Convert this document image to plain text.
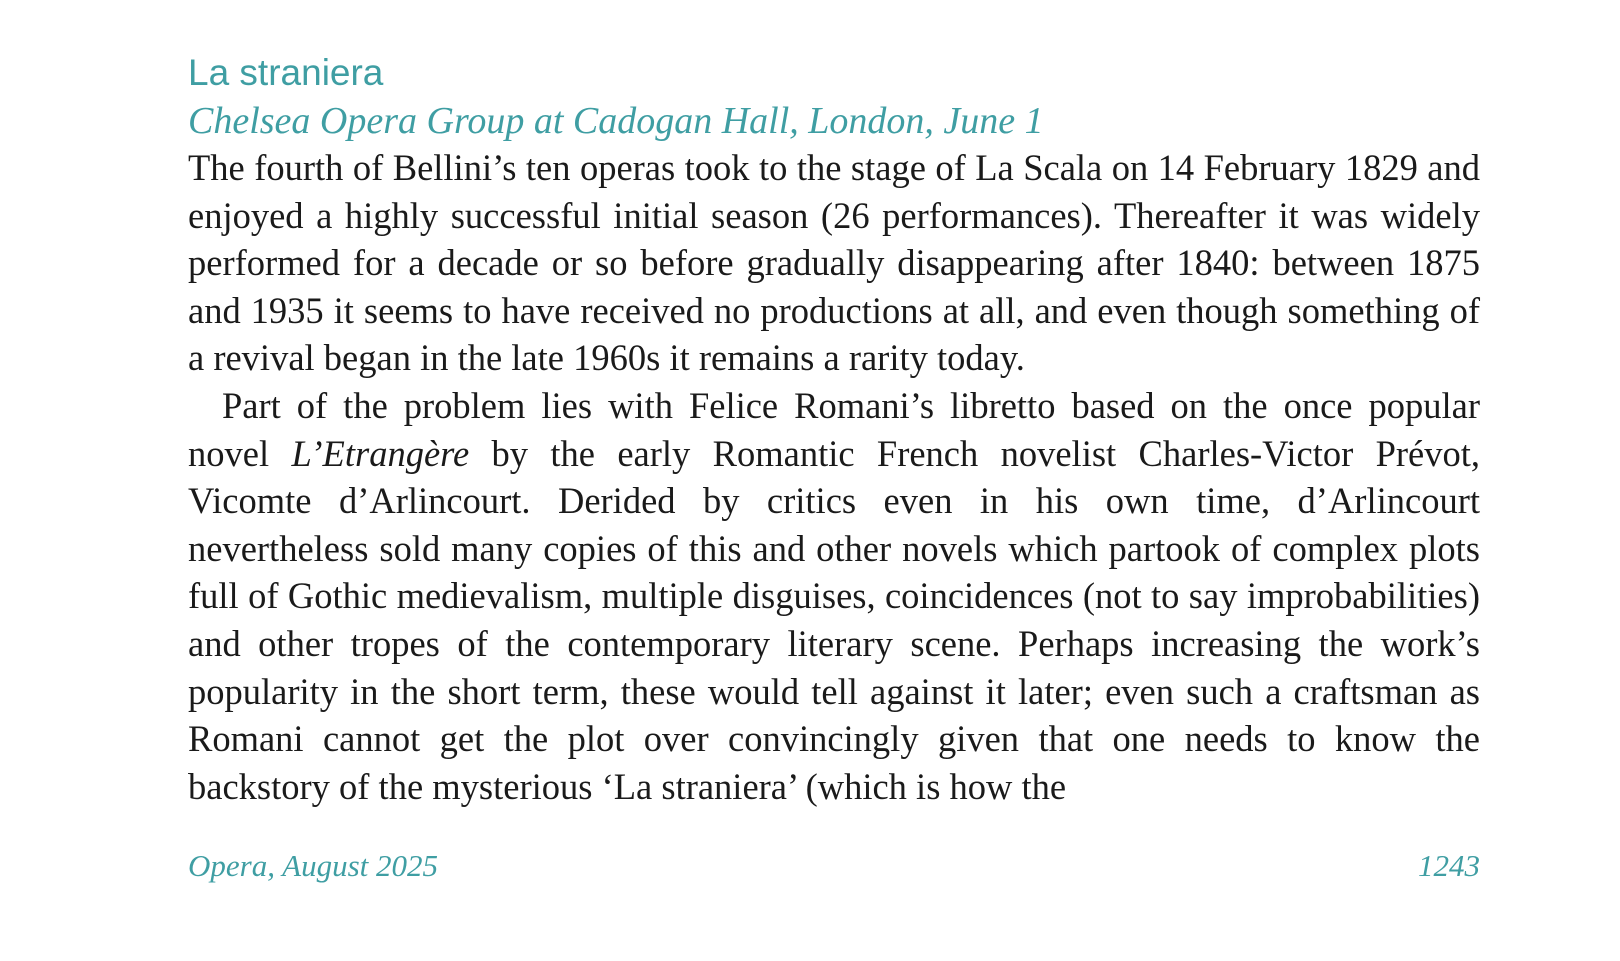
La straniera
Chelsea Opera Group at Cadogan Hall, London, June 1

The fourth of Bellini’s ten operas took to the stage of La Scala on 14 February 1829 and enjoyed a highly successful initial season (26 performances). Thereafter it was widely performed for a decade or so before gradually disappearing after 1840: between 1875 and 1935 it seems to have received no productions at all, and even though something of a revival began in the late 1960s it remains a rarity today.

Part of the problem lies with Felice Romani’s libretto based on the once popular novel L’Etrangère by the early Romantic French novelist Charles-Victor Prévot, Vicomte d’Arlincourt. Derided by critics even in his own time, d’Arlincourt nevertheless sold many copies of this and other novels which partook of complex plots full of Gothic medievalism, multiple disguises, coincidences (not to say improbabilities) and other tropes of the contemporary literary scene. Perhaps increasing the work’s popularity in the short term, these would tell against it later; even such a craftsman as Romani cannot get the plot over convincingly given that one needs to know the backstory of the mysterious ‘La straniera’ (which is how the

Opera, August 2025	1243
